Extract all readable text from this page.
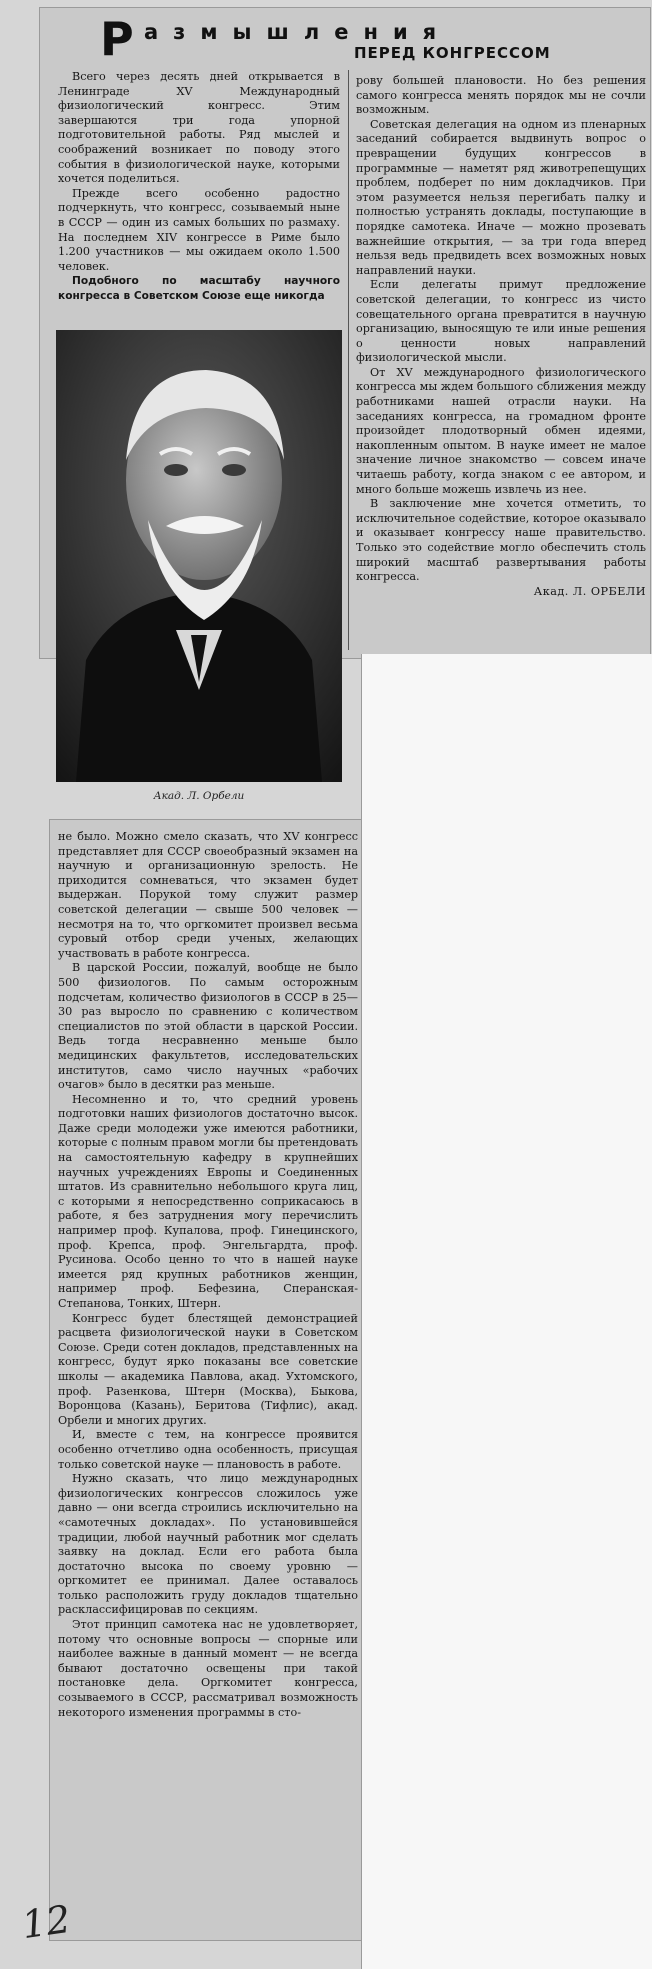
Р азмышления
ПЕРЕД КОНГРЕССОМ

Всего через десять дней открывается в Ленинграде XV Международный физиологический конгресс. Этим завершаются три года упорной подготовительной работы. Ряд мыслей и соображений возникает по поводу этого события в физиологической науке, которыми хочется поделиться.

Прежде всего особенно радостно подчеркнуть, что конгресс, созываемый ныне в СССР — один из самых больших по размаху. На последнем XIV конгрессе в Риме было 1.200 участников — мы ожидаем около 1.500 человек.

Подобного по масштабу научного конгресса в Советском Союзе еще никогда

Акад. Л. Орбели

рову большей плановости. Но без решения самого конгресса менять порядок мы не сочли возможным.

Советская делегация на одном из пленарных заседаний собирается выдвинуть вопрос о превращении будущих конгрессов в программные — наметят ряд животрепещущих проблем, подберет по ним докладчиков. При этом разумеется нельзя перегибать палку и полностью устранять доклады, поступающие в порядке самотека. Иначе — можно прозевать важнейшие открытия, — за три года вперед нельзя ведь предвидеть всех возможных новых направлений науки.

Если делегаты примут предложение советской делегации, то конгресс из чисто совещательного органа превратится в научную организацию, выносящую те или иные решения о ценности новых направлений физиологической мысли.

От XV международного физиологического конгресса мы ждем большого сближения между работниками нашей отрасли науки. На заседаниях конгресса, на громадном фронте произойдет плодотворный обмен идеями, накопленным опытом. В науке имеет не малое значение личное знакомство — совсем иначе читаешь работу, когда знаком с ее автором, и много больше можешь извлечь из нее.

В заключение мне хочется отметить, то исключительное содействие, которое оказывало и оказывает конгрессу наше правительство. Только это содействие могло обеспечить столь широкий масштаб развертывания работы конгресса.

Акад. Л. ОРБЕЛИ

не было. Можно смело сказать, что XV конгресс представляет для СССР своеобразный экзамен на научную и организационную зрелость. Не приходится сомневаться, что экзамен будет выдержан. Порукой тому служит размер советской делегации — свыше 500 человек — несмотря на то, что оргкомитет произвел весьма суровый отбор среди ученых, желающих участвовать в работе конгресса.

В царской России, пожалуй, вообще не было 500 физиологов. По самым осторожным подсчетам, количество физиологов в СССР в 25—30 раз выросло по сравнению с количеством специалистов по этой области в царской России. Ведь тогда несравненно меньше было медицинских факультетов, исследовательских институтов, само число научных «рабочих очагов» было в десятки раз меньше.

Несомненно и то, что средний уровень подготовки наших физиологов достаточно высок. Даже среди молодежи уже имеются работники, которые с полным правом могли бы претендовать на самостоятельную кафедру в крупнейших научных учреждениях Европы и Соединенных штатов. Из сравнительно небольшого круга лиц, с которыми я непосредственно соприкасаюсь в работе, я без затруднения могу перечислить например проф. Купалова, проф. Гинецинского, проф. Крепса, проф. Энгельгардта, проф. Русинова. Особо ценно то что в нашей науке имеется ряд крупных работников женщин, например проф. Бефезина, Сперанская-Степанова, Тонких, Штерн.

Конгресс будет блестящей демонстрацией расцвета физиологической науки в Советском Союзе. Среди сотен докладов, представленных на конгресс, будут ярко показаны все советские школы — академика Павлова, акад. Ухтомского, проф. Разенкова, Штерн (Москва), Быкова, Воронцова (Казань), Беритова (Тифлис), акад. Орбели и многих других.

И, вместе с тем, на конгрессе проявится особенно отчетливо одна особенность, присущая только советской науке — плановость в работе.

Нужно сказать, что лицо международных физиологических конгрессов сложилось уже давно — они всегда строились исключительно на «самотечных докладах». По установившейся традиции, любой научный работник мог сделать заявку на доклад. Если его работа была достаточно высока по своему уровню — оргкомитет ее принимал. Далее оставалось только расположить груду докладов тщательно расклассифицировав по секциям.

Этот принцип самотека нас не удовлетворяет, потому что основные вопросы — спорные или наиболее важные в данный момент — не всегда бывают достаточно освещены при такой постановке дела. Оргкомитет конгресса, созываемого в СССР, рассматривал возможность некоторого изменения программы в сто-

12
